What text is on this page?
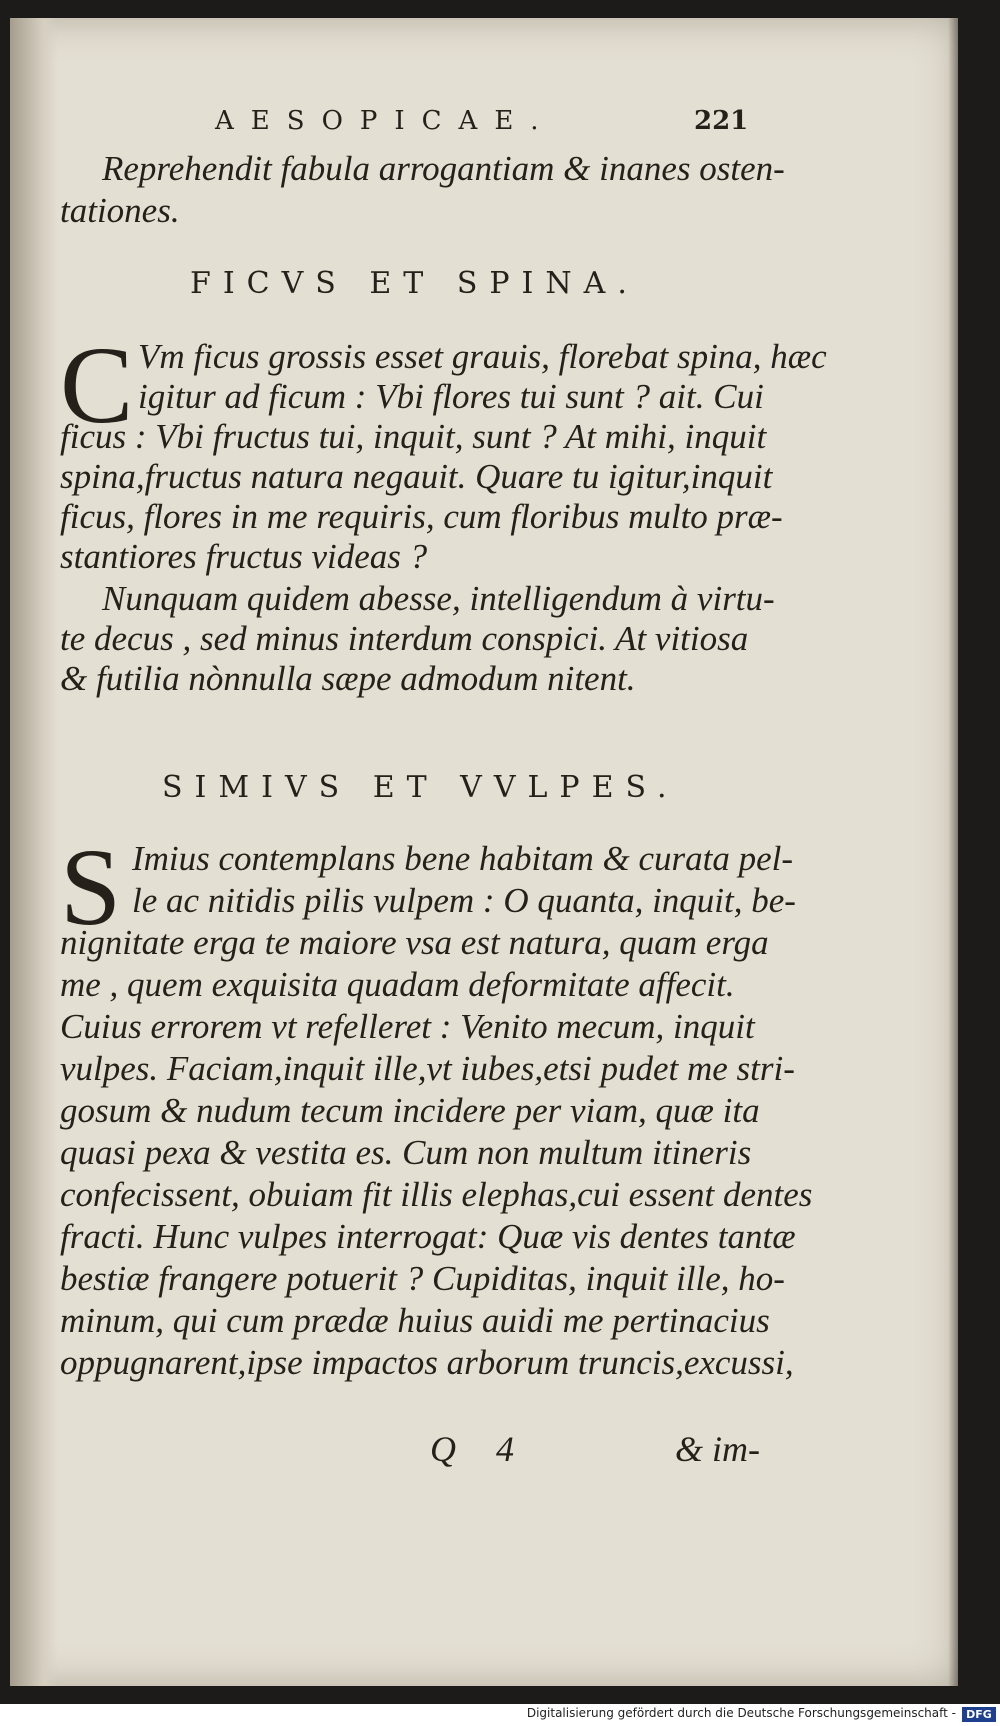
AESOPICAE.	221
Reprehendit fabula arrogantiam & inanes osten-
tationes.
FICVS ET SPINA.
C Vm ficus grossis esset grauis, florebat spina, hæc
igitur ad ficum : Vbi flores tui sunt ? ait. Cui
ficus : Vbi fructus tui, inquit, sunt ? At mihi, inquit
spina,fructus natura negauit. Quare tu igitur,inquit
ficus, flores in me requiris, cum floribus multo præ-
stantiores fructus videas ?
Nunquam quidem abesse, intelligendum à virtu-
te decus , sed minus interdum conspici. At vitiosa
& futilia nònnulla sæpe admodum nitent.
SIMIVS ET VVLPES.
S Imius contemplans bene habitam & curata pel-
le ac nitidis pilis vulpem : O quanta, inquit, be-
nignitate erga te maiore vsa est natura, quam erga
me , quem exquisita quadam deformitate affecit.
Cuius errorem vt refelleret : Venito mecum, inquit
vulpes. Faciam,inquit ille,vt iubes,etsi pudet me stri-
gosum & nudum tecum incidere per viam, quæ ita
quasi pexa & vestita es. Cum non multum itineris
confecissent, obuiam fit illis elephas,cui essent dentes
fracti. Hunc vulpes interrogat: Quæ vis dentes tantæ
bestiæ frangere potuerit ? Cupiditas, inquit ille, ho-
minum, qui cum prædæ huius auidi me pertinacius
oppugnarent,ipse impactos arborum truncis,excussi,
Q 4	& im-
Digitalisierung gefördert durch die Deutsche Forschungsgemeinschaft - DFG
